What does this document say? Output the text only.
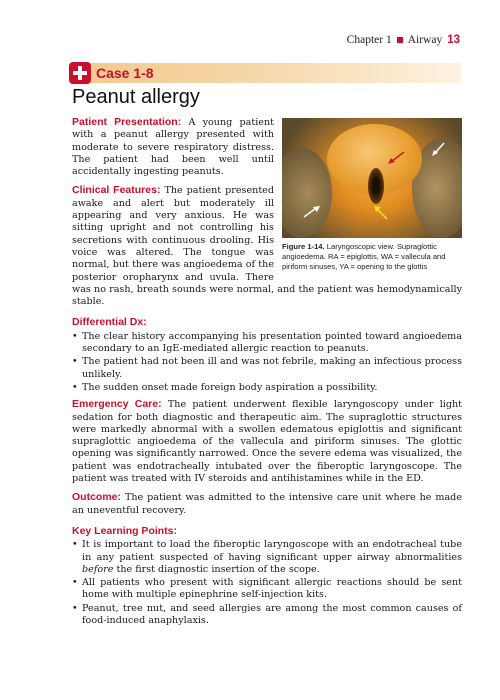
Chapter 1 Airway 13
Case 1-8
Peanut allergy
Figure 1-14. Laryngoscopic view. Supraglottic angioedema. RA = epiglottis, WA = vallecula and piriform sinuses, YA = opening to the glottis

Patient Presentation: A young patient with a peanut allergy presented with moderate to severe respiratory distress. The patient had been well until accidentally ingesting peanuts.

Clinical Features: The patient presented awake and alert but moderately ill appearing and very anxious. He was sitting upright and not controlling his secretions with continuous drooling. His voice was altered. The tongue was normal, but there was angioedema of the posterior oropharynx and uvula. There was no rash, breath sounds were normal, and the patient was hemodynamically stable.

Differential Dx:
• The clear history accompanying his presentation pointed toward angioedema secondary to an IgE-mediated allergic reaction to peanuts.
• The patient had not been ill and was not febrile, making an infectious process unlikely.
• The sudden onset made foreign body aspiration a possibility.

Emergency Care: The patient underwent flexible laryngoscopy under light sedation for both diagnostic and therapeutic aim. The supraglottic structures were markedly abnormal with a swollen edematous epiglottis and significant supraglottic angioedema of the vallecula and piriform sinuses. The glottic opening was significantly narrowed. Once the severe edema was visualized, the patient was endotracheally intubated over the fiberoptic laryngoscope. The patient was treated with IV steroids and antihistamines while in the ED.

Outcome: The patient was admitted to the intensive care unit where he made an uneventful recovery.

Key Learning Points:
• It is important to load the fiberoptic laryngoscope with an endotracheal tube in any patient suspected of having significant upper airway abnormalities before the first diagnostic insertion of the scope.
• All patients who present with significant allergic reactions should be sent home with multiple epinephrine self-injection kits.
• Peanut, tree nut, and seed allergies are among the most common causes of food-induced anaphylaxis.
